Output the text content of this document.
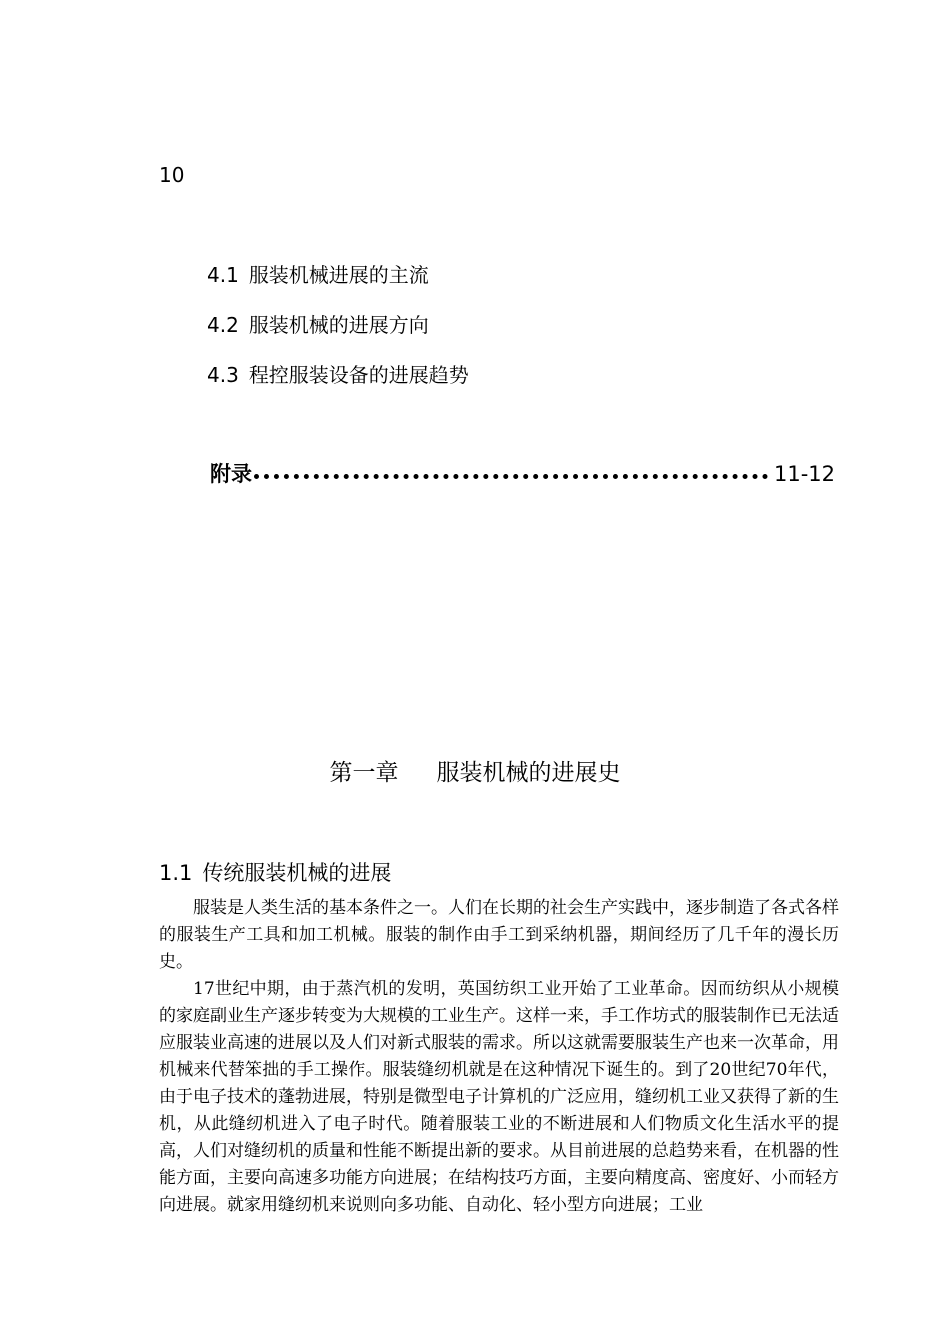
10
4.1 服装机械进展的主流
4.2 服装机械的进展方向
4.3 程控服装设备的进展趋势
附录	11-12
第一章 服装机械的进展史
1.1 传统服装机械的进展

服装是人类生活的基本条件之一。人们在长期的社会生产实践中，逐步制造了各式各样的服装生产工具和加工机械。服装的制作由手工到采纳机器，期间经历了几千年的漫长历史。

17世纪中期，由于蒸汽机的发明，英国纺织工业开始了工业革命。因而纺织从小规模的家庭副业生产逐步转变为大规模的工业生产。这样一来，手工作坊式的服装制作已无法适应服装业高速的进展以及人们对新式服装的需求。所以这就需要服装生产也来一次革命，用机械来代替笨拙的手工操作。服装缝纫机就是在这种情况下诞生的。到了20世纪70年代，由于电子技术的蓬勃进展，特别是微型电子计算机的广泛应用，缝纫机工业又获得了新的生机，从此缝纫机进入了电子时代。随着服装工业的不断进展和人们物质文化生活水平的提高，人们对缝纫机的质量和性能不断提出新的要求。从目前进展的总趋势来看，在机器的性能方面，主要向高速多功能方向进展；在结构技巧方面，主要向精度高、密度好、小而轻方向进展。就家用缝纫机来说则向多功能、自动化、轻小型方向进展；工业
